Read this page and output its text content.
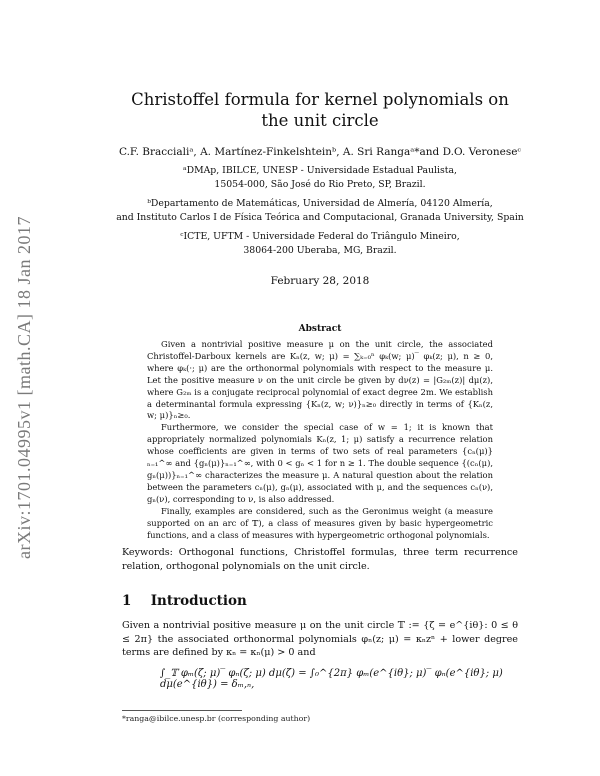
arXiv:1701.04995v1 [math.CA] 18 Jan 2017
Christoffel formula for kernel polynomials on the unit circle
C.F. Braccialiᵃ, A. Martínez-Finkelshteinᵇ, A. Sri Rangaᵃ*and D.O. Veroneseᶜ
ᵃDMAp, IBILCE, UNESP - Universidade Estadual Paulista,
15054-000, São José do Rio Preto, SP, Brazil.
ᵇDepartamento de Matemáticas, Universidad de Almería, 04120 Almería,
and Instituto Carlos I de Física Teórica and Computacional, Granada University, Spain
ᶜICTE, UFTM - Universidade Federal do Triângulo Mineiro,
38064-200 Uberaba, MG, Brazil.
February 28, 2018
Abstract

Given a nontrivial positive measure μ on the unit circle, the associated Christoffel-Darboux kernels are Kₙ(z, w; μ) = ∑ₖ₌₀ⁿ φₖ(w; μ)‾ φₖ(z; μ), n ≥ 0, where φₖ(·; μ) are the orthonormal polynomials with respect to the measure μ. Let the positive measure ν on the unit circle be given by dν(z) = |G₂ₘ(z)| dμ(z), where G₂ₘ is a conjugate reciprocal polynomial of exact degree 2m. We establish a determinantal formula expressing {Kₙ(z, w; ν)}ₙ≥₀ directly in terms of {Kₙ(z, w; μ)}ₙ≥₀.

Furthermore, we consider the special case of w = 1; it is known that appropriately normalized polynomials Kₙ(z, 1; μ) satisfy a recurrence relation whose coefficients are given in terms of two sets of real parameters {cₙ(μ)}ₙ₌₁^∞ and {gₙ(μ)}ₙ₌₁^∞, with 0 < gₙ < 1 for n ≥ 1. The double sequence {(cₙ(μ), gₙ(μ))}ₙ₌₁^∞ characterizes the measure μ. A natural question about the relation between the parameters cₙ(μ), gₙ(μ), associated with μ, and the sequences cₙ(ν), gₙ(ν), corresponding to ν, is also addressed.

Finally, examples are considered, such as the Geronimus weight (a measure supported on an arc of 𝕋), a class of measures given by basic hypergeometric functions, and a class of measures with hypergeometric orthogonal polynomials.

Keywords: Orthogonal functions, Christoffel formulas, three term recurrence relation, orthogonal polynomials on the unit circle.
1 Introduction
Given a nontrivial positive measure μ on the unit circle 𝕋 := {ζ = e^{iθ}: 0 ≤ θ ≤ 2π} the associated orthonormal polynomials φₙ(z; μ) = κₙzⁿ + lower degree terms are defined by κₙ = κₙ(μ) > 0 and
∫_𝕋 φₘ(ζ; μ)‾ φₙ(ζ; μ) dμ(ζ) = ∫₀^{2π} φₘ(e^{iθ}; μ)‾ φₙ(e^{iθ}; μ) dμ(e^{iθ}) = δₘ,ₙ,
*ranga@ibilce.unesp.br (corresponding author)
